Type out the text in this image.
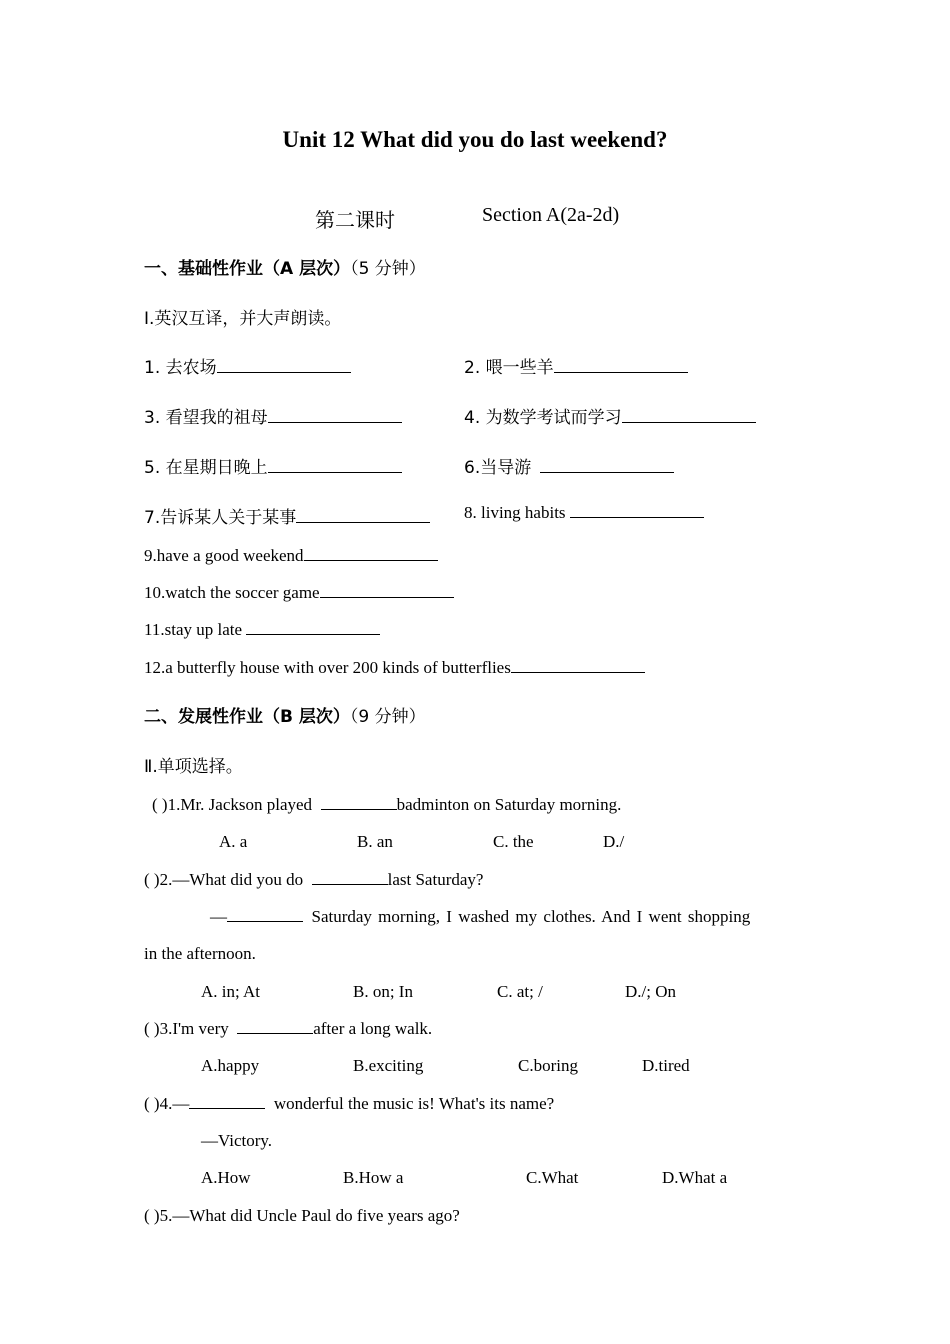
Unit 12 What did you do last weekend?
第二课时	Section A(2a-2d)
一、基础性作业（A 层次）（5 分钟）
Ⅰ.英汉互译，并大声朗读。
1. 去农场	2. 喂一些羊
3. 看望我的祖母	4. 为数学考试而学习
5. 在星期日晚上	6.当导游
7.告诉某人关于某事	8. living habits
9.have a good weekend
10.watch the soccer game
11.stay up late
12.a butterfly house with over 200 kinds of butterflies
二、发展性作业（B 层次）（9 分钟）
Ⅱ.单项选择。
( )1.Mr. Jackson played	badminton on Saturday morning.
A. a	B. an	C. the	D./
( )2.—What did you do	last Saturday?
—	Saturday morning, I washed my clothes. And I went shopping
in the afternoon.
A. in; At	B. on; In	C. at; /	D./; On
( )3.I'm very	after a long walk.
A.happy	B.exciting	C.boring	D.tired
( )4.—	wonderful the music is! What's its name?
—Victory.
A.How	B.How a	C.What	D.What a
( )5.—What did Uncle Paul do five years ago?
